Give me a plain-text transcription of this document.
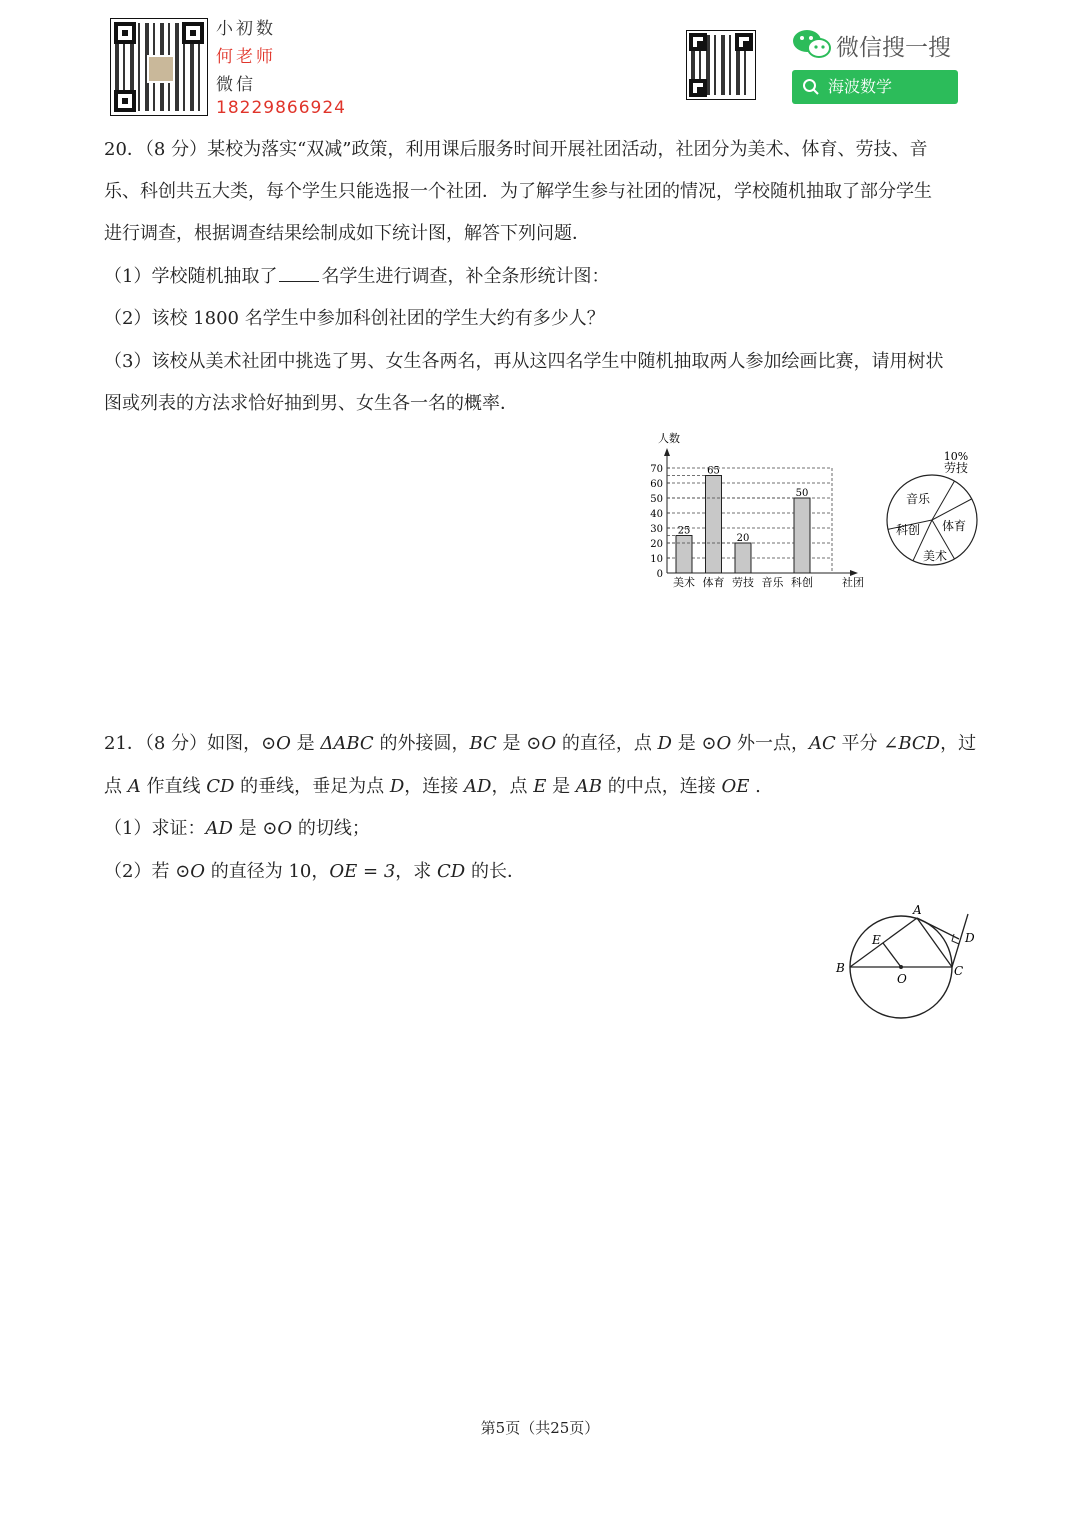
小初数
何老师
微信
18229866924
微信搜一搜
海波数学
20．（8 分）某校为落实“双减”政策，利用课后服务时间开展社团活动，社团分为美术、体育、劳技、音
乐、科创共五大类，每个学生只能选报一个社团．为了解学生参与社团的情况，学校随机抽取了部分学生
进行调查，根据调查结果绘制成如下统计图，解答下列问题．
（1）学校随机抽取了 名学生进行调查，补全条形统计图：
（2）该校 1800 名学生中参加科创社团的学生大约有多少人？
（3）该校从美术社团中挑选了男、女生各两名，再从这四名学生中随机抽取两人参加绘画比赛，请用树状
图或列表的方法求恰好抽到男、女生各一名的概率．
人数
社团
0
10
20
30
40
50
60
70
25
美术
65
体育
20
劳技 音乐
50
科创
劳技
体育
美术
科创
音乐
10%
21．（8 分）如图，⊙O 是 ΔABC 的外接圆，BC 是 ⊙O 的直径，点 D 是 ⊙O 外一点，AC 平分 ∠BCD，过
点 A 作直线 CD 的垂线，垂足为点 D，连接 AD，点 E 是 AB 的中点，连接 OE .
（1）求证：AD 是 ⊙O 的切线；
（2）若 ⊙O 的直径为 10，OE = 3，求 CD 的长．
A
B	C
D
E
O
第5页（共25页）
